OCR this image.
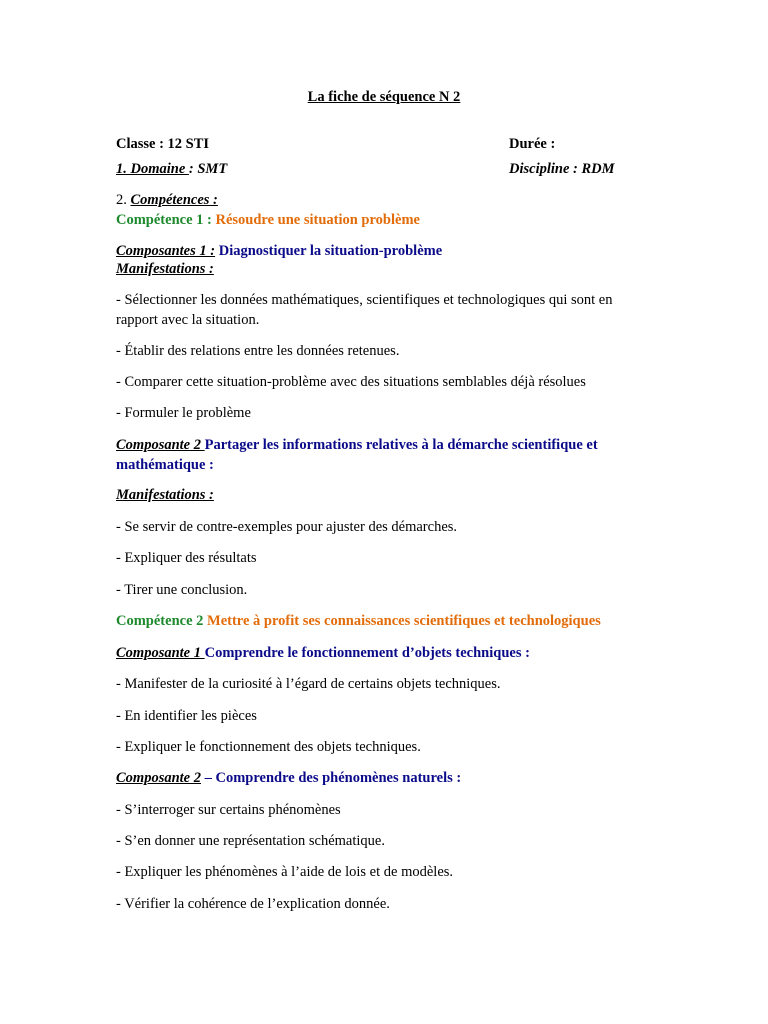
La fiche de séquence N 2
Classe : 12 STI	Durée :
1. Domaine : SMT	Discipline : RDM
2. Compétences :
Compétence 1 : Résoudre une situation problème
Composantes 1 : Diagnostiquer la situation-problème
Manifestations :
- Sélectionner les données mathématiques, scientifiques et technologiques qui sont en rapport avec la situation.
- Établir des relations entre les données retenues.
- Comparer cette situation-problème avec des situations semblables déjà résolues
- Formuler le problème
Composante 2 Partager les informations relatives à la démarche scientifique et mathématique :
Manifestations :
- Se servir de contre-exemples pour ajuster des démarches.
- Expliquer des résultats
- Tirer une conclusion.
Compétence 2 Mettre à profit ses connaissances scientifiques et technologiques
Composante 1 Comprendre le fonctionnement d’objets techniques :
- Manifester de la curiosité à l’égard de certains objets techniques.
- En identifier les pièces
- Expliquer le fonctionnement des objets techniques.
Composante 2 – Comprendre des phénomènes naturels :
- S’interroger sur certains phénomènes
- S’en donner une représentation schématique.
- Expliquer les phénomènes à l’aide de lois et de modèles.
- Vérifier la cohérence de l’explication donnée.
